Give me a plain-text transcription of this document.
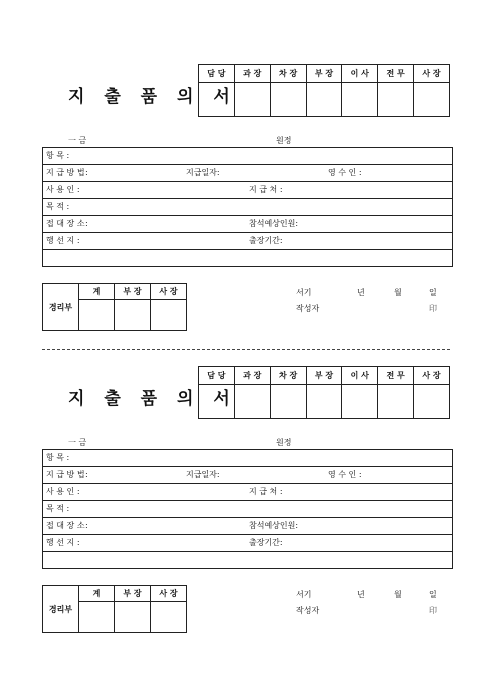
지 출 품 의 서
담 당	과 장	차 장	부 장	이 사	전 무	사 장

一 금	원정
항 목 :
지 급 방 법 :	지급일자:	영 수 인 :
사 용 인 :	지 급 처 :
목 적 :
접 대 장 소 :	참석예상인원:
행 선 지 :	출장기간:
경리부	계	부 장	사 장
			서기	년	월	일
작성자	印
지 출 품 의 서
담 당	과 장	차 장	부 장	이 사	전 무	사 장

一 금	원정
항 목 :
지 급 방 법 :	지급일자:	영 수 인 :
사 용 인 :	지 급 처 :
목 적 :
접 대 장 소 :	참석예상인원:
행 선 지 :	출장기간:
경리부	계	부 장	사 장
			서기	년	월	일
작성자	印
